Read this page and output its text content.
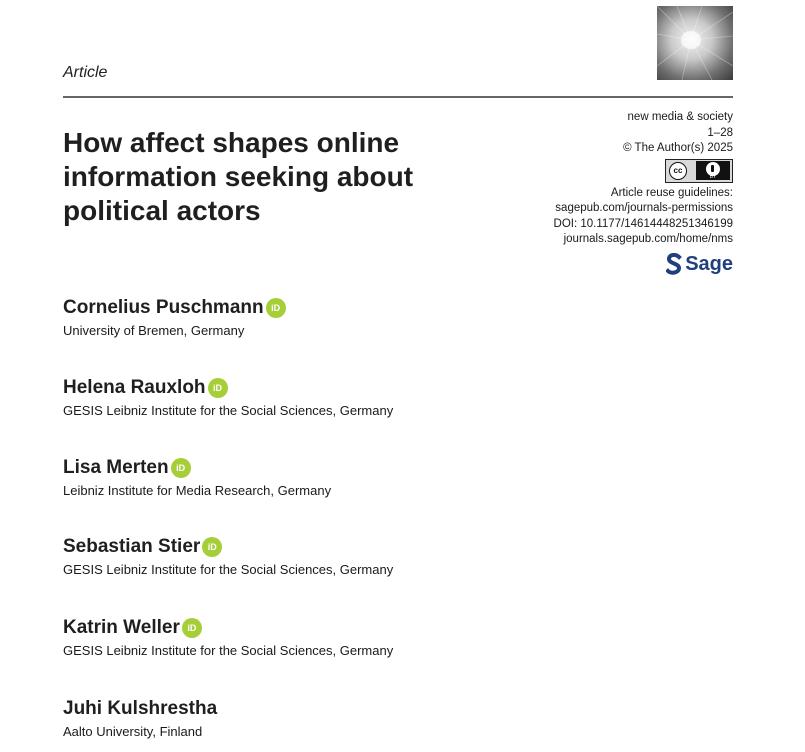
Article
How affect shapes online information seeking about political actors
new media & society
1–28
© The Author(s) 2025
cc
BY
Article reuse guidelines:
sagepub.com/journals-permissions
DOI: 10.1177/14614448251346199
journals.sagepub.com/home/nms
Sage
Cornelius Puschmann iD
University of Bremen, Germany
Helena Rauxloh iD
GESIS Leibniz Institute for the Social Sciences, Germany
Lisa Merten iD
Leibniz Institute for Media Research, Germany
Sebastian Stier iD
GESIS Leibniz Institute for the Social Sciences, Germany
Katrin Weller iD
GESIS Leibniz Institute for the Social Sciences, Germany
Juhi Kulshrestha
Aalto University, Finland
